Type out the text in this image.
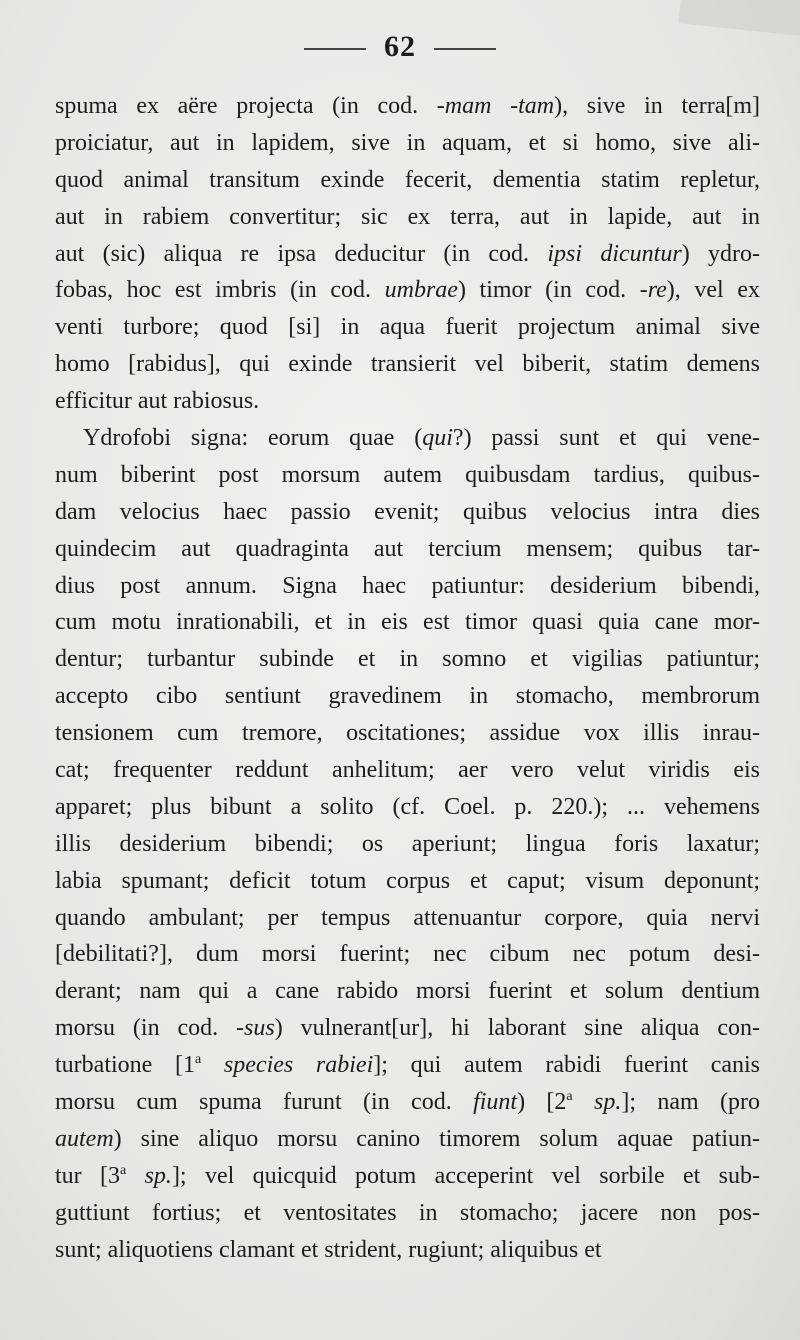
62
spuma ex aëre projecta (in cod. -mam -tam), sive in terra[m]
proiciatur, aut in lapidem, sive in aquam, et si homo, sive ali-
quod animal transitum exinde fecerit, dementia statim repletur,
aut in rabiem convertitur; sic ex terra, aut in lapide, aut in
aut (sic) aliqua re ipsa deducitur (in cod. ipsi dicuntur) ydro-
fobas, hoc est imbris (in cod. umbrae) timor (in cod. -re), vel ex
venti turbore; quod [si] in aqua fuerit projectum animal sive
homo [rabidus], qui exinde transierit vel biberit, statim demens
efficitur aut rabiosus.
Ydrofobi signa: eorum quae (qui?) passi sunt et qui vene-
num biberint post morsum autem quibusdam tardius, quibus-
dam velocius haec passio evenit; quibus velocius intra dies
quindecim aut quadraginta aut tercium mensem; quibus tar-
dius post annum. Signa haec patiuntur: desiderium bibendi,
cum motu inrationabili, et in eis est timor quasi quia cane mor-
dentur; turbantur subinde et in somno et vigilias patiuntur;
accepto cibo sentiunt gravedinem in stomacho, membrorum
tensionem cum tremore, oscitationes; assidue vox illis inrau-
cat; frequenter reddunt anhelitum; aer vero velut viridis eis
apparet; plus bibunt a solito (cf. Coel. p. 220.); ... vehemens
illis desiderium bibendi; os aperiunt; lingua foris laxatur;
labia spumant; deficit totum corpus et caput; visum deponunt;
quando ambulant; per tempus attenuantur corpore, quia nervi
[debilitati?], dum morsi fuerint; nec cibum nec potum desi-
derant; nam qui a cane rabido morsi fuerint et solum dentium
morsu (in cod. -sus) vulnerant[ur], hi laborant sine aliqua con-
turbatione [1$^a$ species rabiei]; qui autem rabidi fuerint canis
morsu cum spuma furunt (in cod. fiunt) [2$^a$ sp.]; nam (pro
autem) sine aliquo morsu canino timorem solum aquae patiun-
tur [3$^a$ sp.]; vel quicquid potum acceperint vel sorbile et sub-
guttiunt fortius; et ventositates in stomacho; jacere non pos-
sunt; aliquotiens clamant et strident, rugiunt; aliquibus et
